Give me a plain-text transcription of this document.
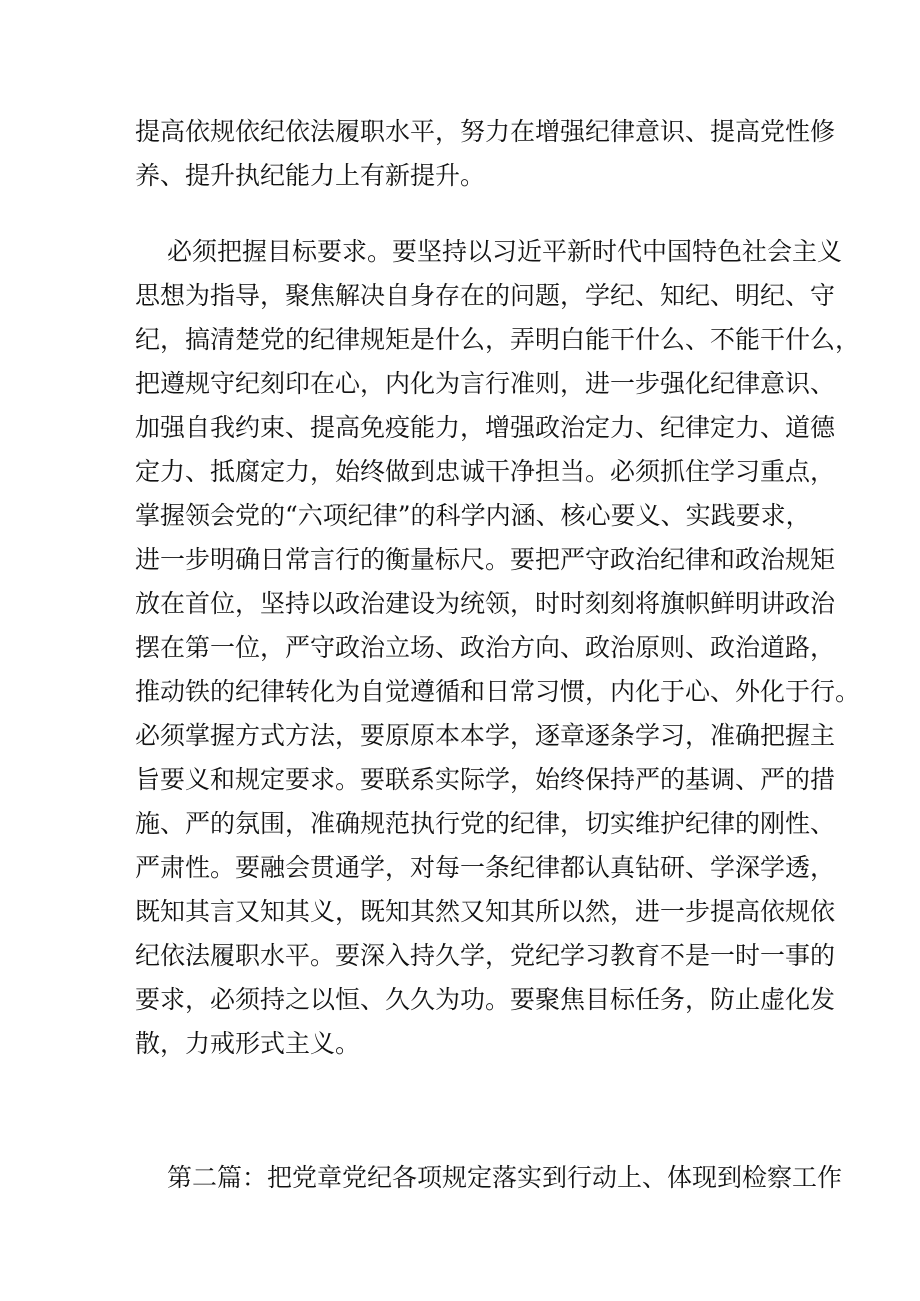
提高依规依纪依法履职水平，努力在增强纪律意识、提高党性修
养、提升执纪能力上有新提升。
必须把握目标要求。要坚持以习近平新时代中国特色社会主义
思想为指导，聚焦解决自身存在的问题，学纪、知纪、明纪、守
纪，搞清楚党的纪律规矩是什么，弄明白能干什么、不能干什么，
把遵规守纪刻印在心，内化为言行准则，进一步强化纪律意识、
加强自我约束、提高免疫能力，增强政治定力、纪律定力、道德
定力、抵腐定力，始终做到忠诚干净担当。必须抓住学习重点，
掌握领会党的“六项纪律”的科学内涵、核心要义、实践要求，
进一步明确日常言行的衡量标尺。要把严守政治纪律和政治规矩
放在首位，坚持以政治建设为统领，时时刻刻将旗帜鲜明讲政治
摆在第一位，严守政治立场、政治方向、政治原则、政治道路，
推动铁的纪律转化为自觉遵循和日常习惯，内化于心、外化于行。
必须掌握方式方法，要原原本本学，逐章逐条学习，准确把握主
旨要义和规定要求。要联系实际学，始终保持严的基调、严的措
施、严的氛围，准确规范执行党的纪律，切实维护纪律的刚性、
严肃性。要融会贯通学，对每一条纪律都认真钻研、学深学透，
既知其言又知其义，既知其然又知其所以然，进一步提高依规依
纪依法履职水平。要深入持久学，党纪学习教育不是一时一事的
要求，必须持之以恒、久久为功。要聚焦目标任务，防止虚化发
散，力戒形式主义。
第二篇：把党章党纪各项规定落实到行动上、体现到检察工作
